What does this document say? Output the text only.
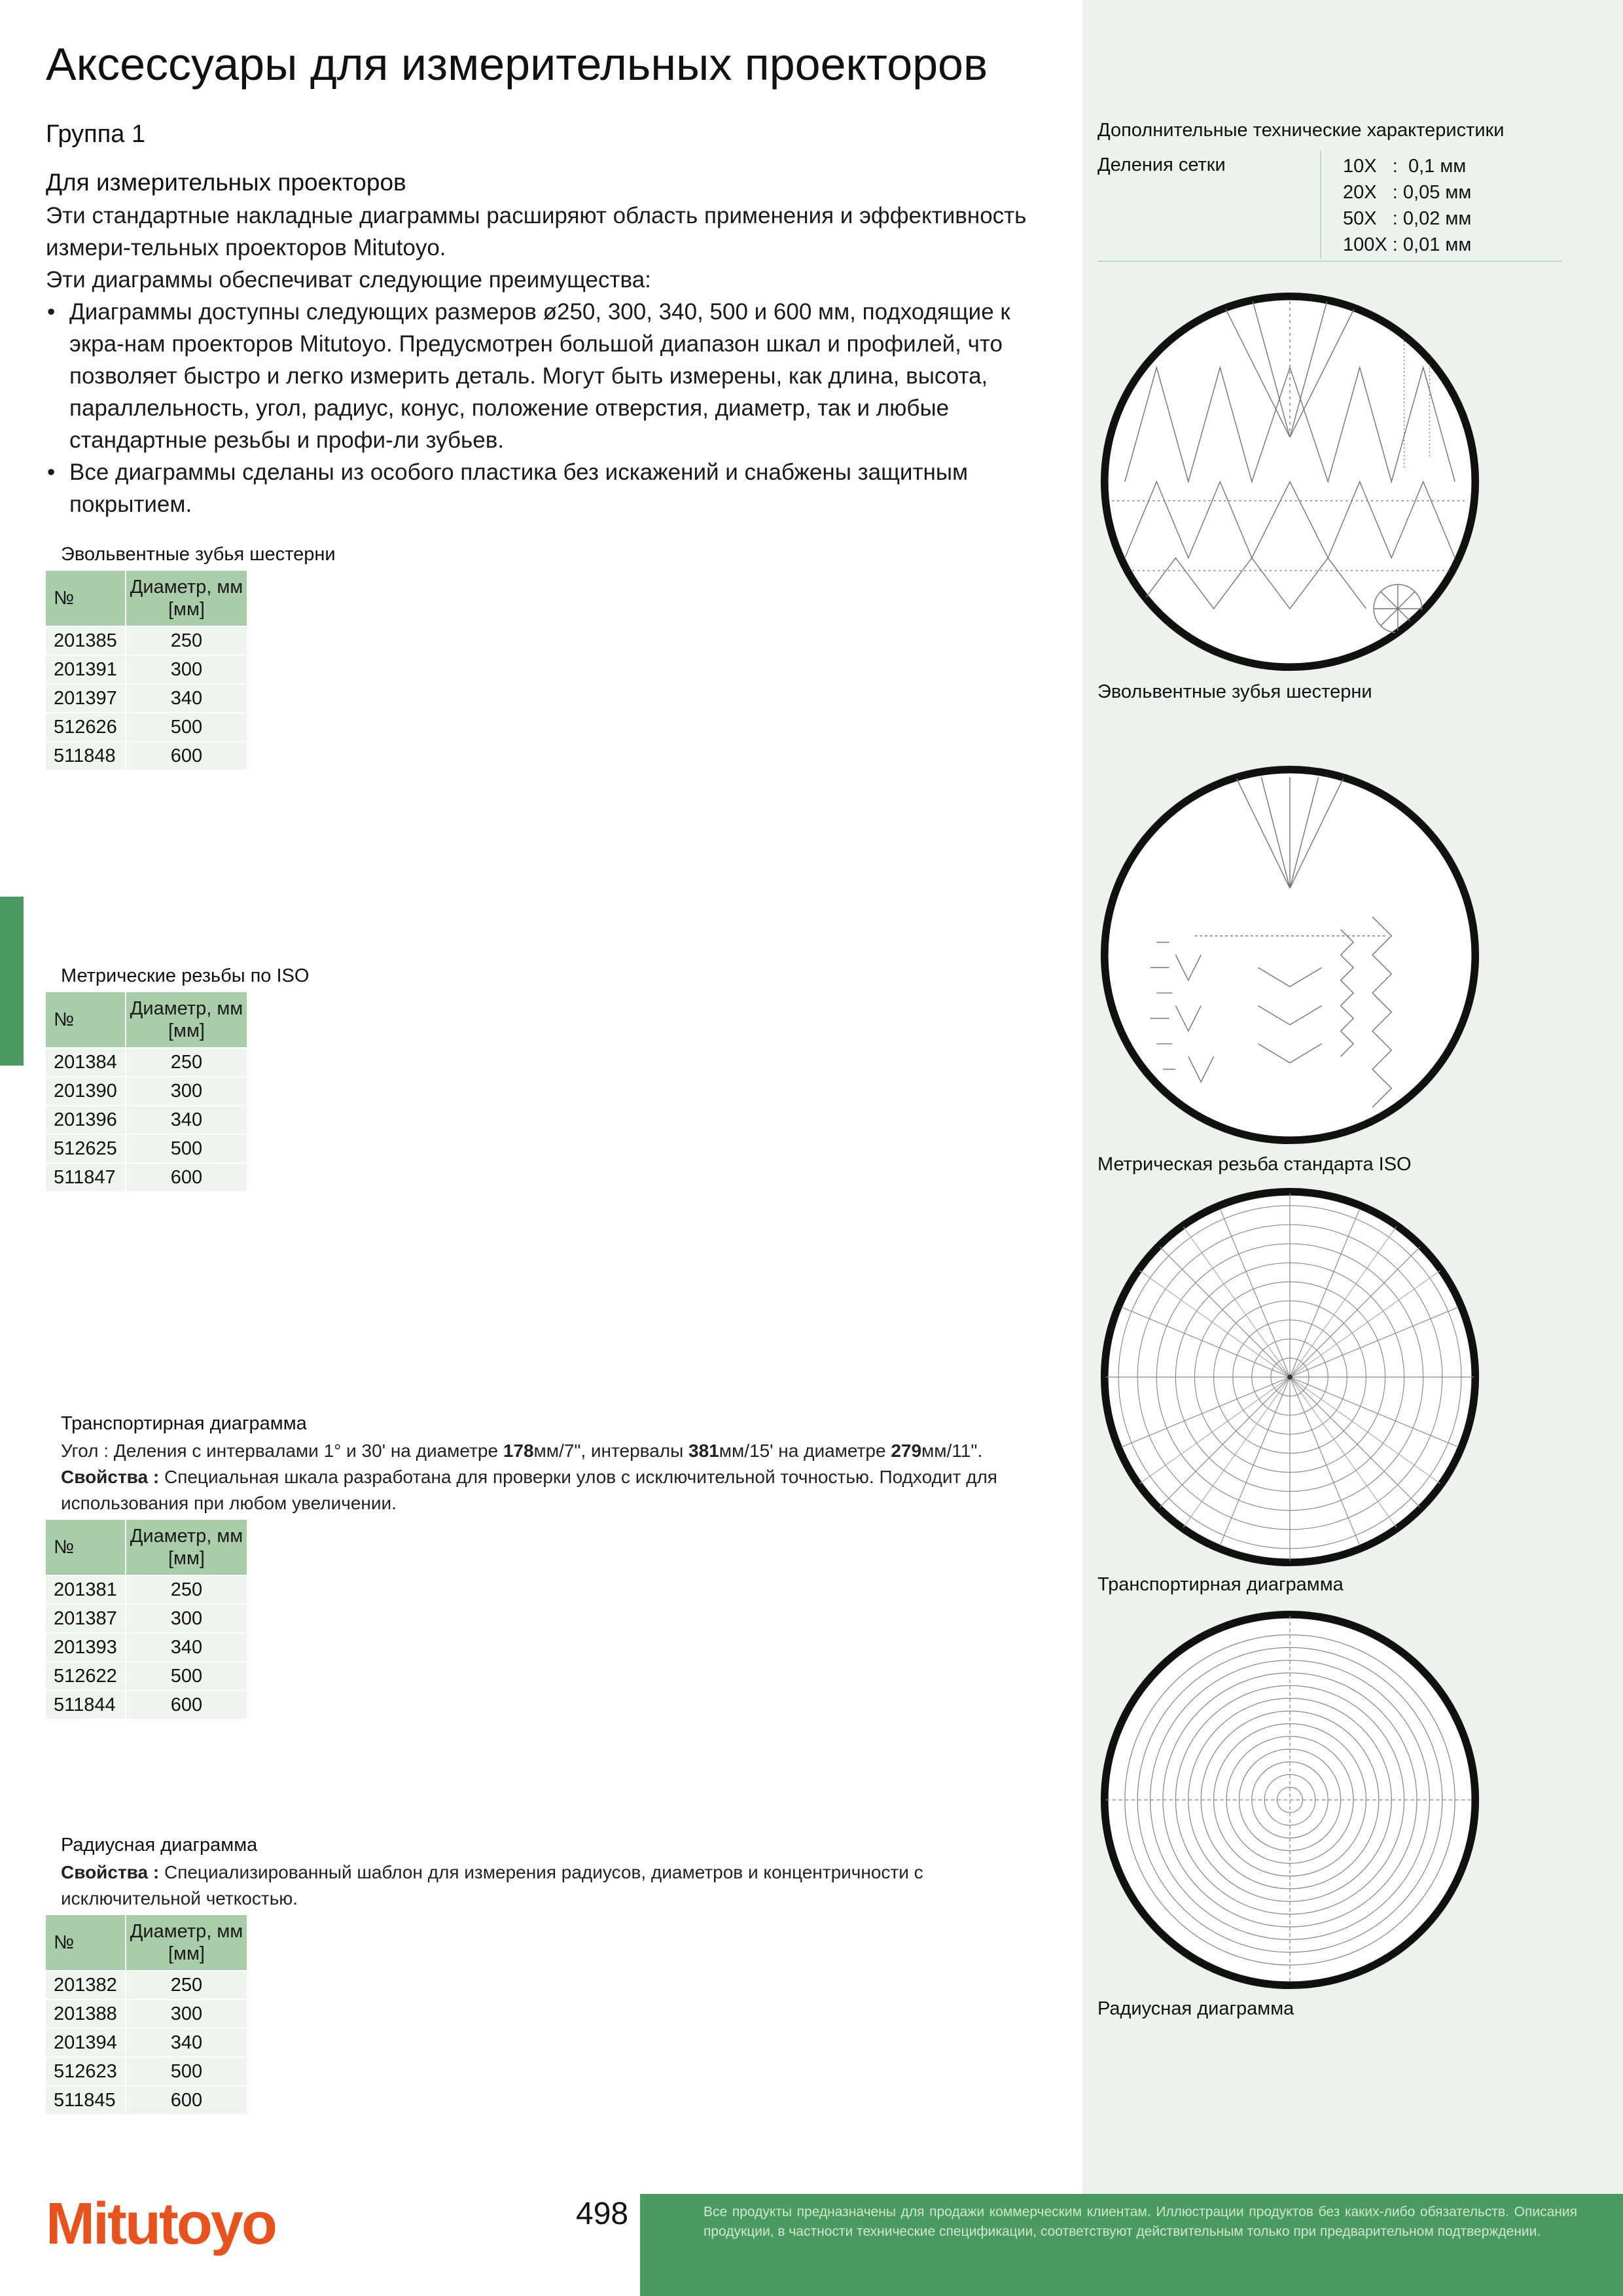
Аксессуары для измерительных проекторов
Группа 1
Для измерительных проекторов

Эти стандартные накладные диаграммы расширяют область применения и эффективность измери-тельных проекторов Mitutoyo.

Эти диаграммы обеспечиват следующие преимущества:

• Диаграммы доступны следующих размеров ø250, 300, 340, 500 и 600 мм, подходящие к экра-нам проекторов Mitutoyo. Предусмотрен большой диапазон шкал и профилей, что позволяет быстро и легко измерить деталь. Могут быть измерены, как длина, высота, параллельность, угол, радиус, конус, положение отверстия, диаметр, так и любые стандартные резьбы и профи-ли зубьев.
• Все диаграммы сделаны из особого пластика без искажений и снабжены защитным покрытием.
Эвольвентные зубья шестерни
№	Диаметр, мм [мм]
201385	250
201391	300
201397	340
512626	500
511848	600
Метрические резьбы по ISO
№	Диаметр, мм [мм]
201384	250
201390	300
201396	340
512625	500
511847	600
Транспортирная диаграмма
Угол : Деления с интервалами 1° и 30' на диаметре 178мм/7", интервалы 381мм/15' на диаметре 279мм/11".
Свойства : Специальная шкала разработана для проверки улов с исключительной точностью. Подходит для использования при любом увеличении.
№	Диаметр, мм [мм]
201381	250
201387	300
201393	340
512622	500
511844	600
Радиусная диаграмма
Свойства : Специализированный шаблон для измерения радиусов, диаметров и концентричности с исключительной четкостью.
№	Диаметр, мм [мм]
201382	250
201388	300
201394	340
512623	500
511845	600
Дополнительные технические характеристики
Деления сетки	10X   :  0,1 мм
20X   : 0,05 мм
50X   : 0,02 мм
100X : 0,01 мм
Эвольвентные зубья шестерни
Метрическая резьба стандарта ISO
Транспортирная диаграмма
Радиусная диаграмма
Mitutoyo	498	Все продукты предназначены для продажи коммерческим клиентам. Иллюстрации продуктов без каких-либо обязательств. Описания продукции, в частности технические спецификации, соответствуют действительным только при предварительном подтверждении.
